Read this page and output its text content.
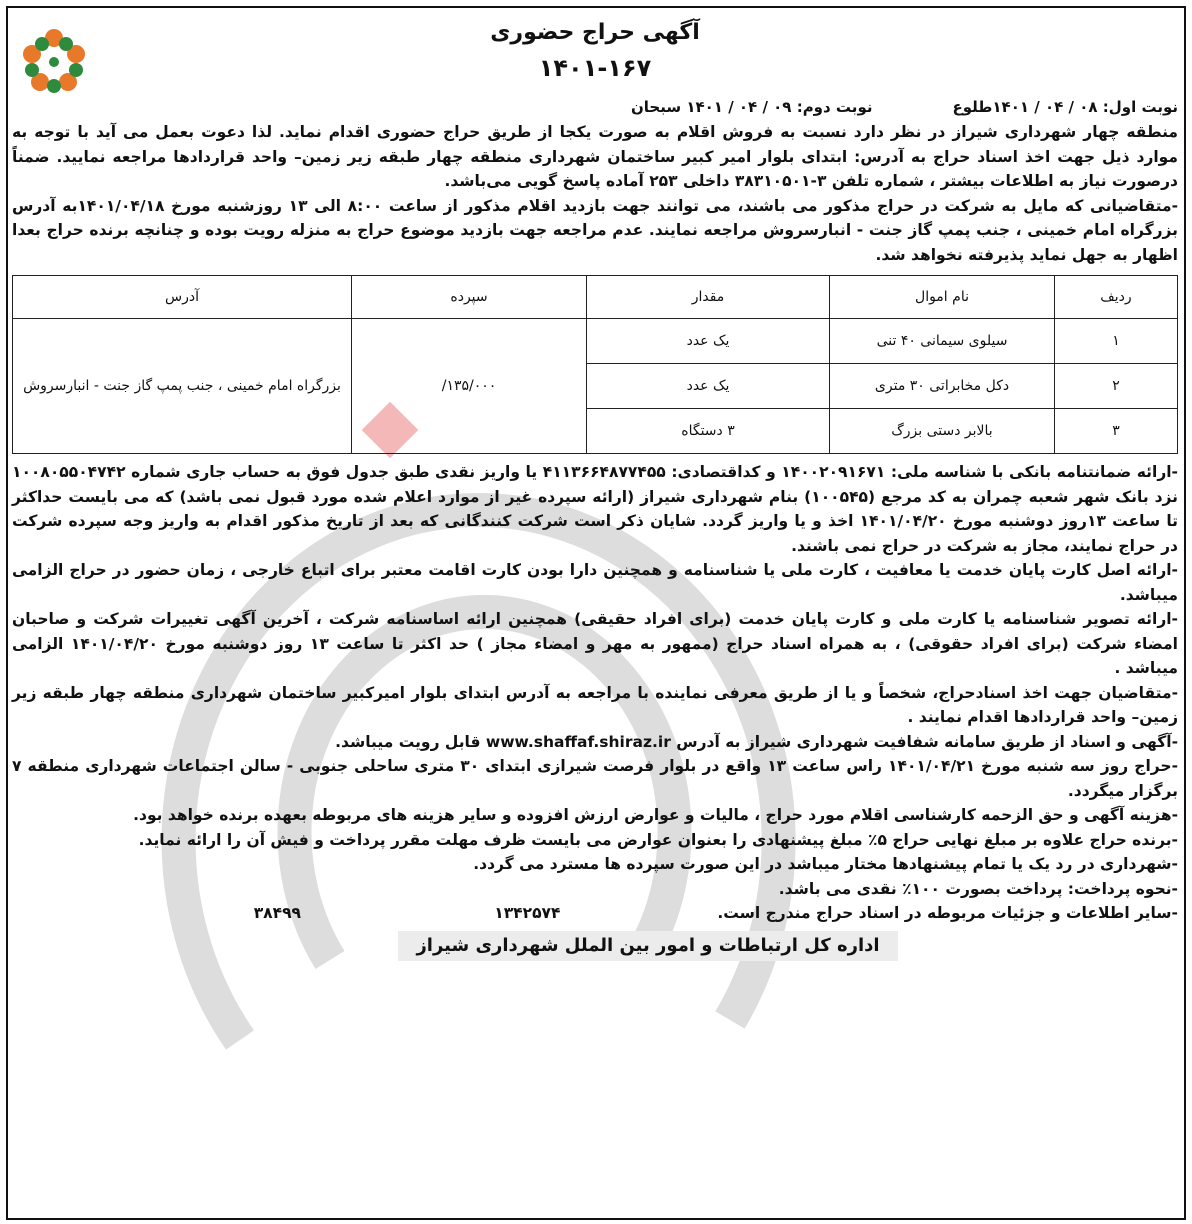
آگهی حراج حضوری
۱۴۰۱-۱۶۷
نوبت اول: ۰۸ / ۰۴ / ۱۴۰۱طلوع
نوبت دوم: ۰۹ / ۰۴ / ۱۴۰۱ سبحان

منطقه چهار شهرداری شیراز در نظر دارد نسبت به فروش اقلام به صورت یکجا از طریق حراج حضوری اقدام نماید. لذا دعوت بعمل می آید با توجه به موارد ذیل جهت اخذ اسناد حراج به آدرس: ابتدای بلوار امیر کبیر ساختمان شهرداری منطقه چهار طبقه زیر زمین– واحد قراردادها مراجعه نمایید. ضمناً درصورت نیاز به اطلاعات بیشتر ، شماره تلفن ۳-۳۸۳۱۰۵۰۱ داخلی ۲۵۳ آماده پاسخ گویی می‌باشد.

-متقاضیانی که مایل به شرکت در حراج مذکور می باشند، می توانند جهت بازدید اقلام مذکور از ساعت ۸:۰۰ الی ۱۳ روزشنبه مورخ ۱۴۰۱/۰۴/۱۸به آدرس بزرگراه امام خمینی ، جنب پمپ گاز جنت - انبارسروش مراجعه نمایند. عدم مراجعه جهت بازدید موضوع حراج به منزله رویت بوده و چنانچه برنده حراج بعدا اظهار به جهل نماید پذیرفته نخواهد شد.

ردیف	نام اموال	مقدار	سپرده	آدرس
۱	سیلوی سیمانی ۴۰ تنی	یک عدد	۱۳۵/۰۰۰/	بزرگراه امام خمینی ، جنب پمپ گاز جنت - انبارسروش
۲	دکل مخابراتی ۳۰ متری	یک عدد		
۳	بالابر دستی بزرگ	۳ دستگاه		

-ارائه ضمانتنامه بانکی با شناسه ملی: ۱۴۰۰۲۰۹۱۶۷۱ و کداقتصادی: ۴۱۱۳۶۶۴۸۷۷۴۵۵ یا واریز نقدی طبق جدول فوق به حساب جاری شماره ۱۰۰۸۰۵۵۰۴۷۴۲ نزد بانک شهر شعبه چمران به کد مرجع (۱۰۰۵۴۵) بنام شهرداری شیراز (ارائه سپرده غیر از موارد اعلام شده مورد قبول نمی باشد) که می بایست حداکثر تا ساعت ۱۳روز دوشنبه مورخ ۱۴۰۱/۰۴/۲۰ اخذ و یا واریز گردد. شایان ذکر است شرکت کنندگانی که بعد از تاریخ مذکور اقدام به واریز وجه سپرده شرکت در حراج نمایند، مجاز به شرکت در حراج نمی باشند.

-ارائه اصل کارت پایان خدمت یا معافیت ، کارت ملی یا شناسنامه و همچنین دارا بودن کارت اقامت معتبر برای اتباع خارجی ، زمان حضور در حراج الزامی میباشد.

-ارائه تصویر شناسنامه یا کارت ملی و کارت پایان خدمت (برای افراد حقیقی) همچنین ارائه اساسنامه شرکت ، آخرین آگهی تغییرات شرکت و صاحبان امضاء شرکت (برای افراد حقوقی) ، به همراه اسناد حراج (ممهور به مهر و امضاء مجاز ) حد اکثر تا ساعت ۱۳ روز دوشنبه مورخ ۱۴۰۱/۰۴/۲۰ الزامی میباشد .

-متقاضیان جهت اخذ اسنادحراج، شخصاً و یا از طریق معرفی نماینده با مراجعه به آدرس ابتدای بلوار امیرکبیر ساختمان شهرداری منطقه چهار طبقه زیر زمین– واحد قراردادها اقدام نمایند .

-آگهی و اسناد از طریق سامانه شفافیت شهرداری شیراز به آدرس www.shaffaf.shiraz.ir قابل رویت میباشد.

-حراج روز سه شنبه مورخ ۱۴۰۱/۰۴/۲۱ راس ساعت ۱۳ واقع در بلوار فرصت شیرازی ابتدای ۳۰ متری ساحلی جنوبی - سالن اجتماعات شهرداری منطقه ۷ برگزار میگردد.

-هزینه آگهی و حق الزحمه کارشناسی اقلام مورد حراج ، مالیات و عوارض ارزش افزوده و سایر هزینه های مربوطه بعهده برنده خواهد بود.

-برنده حراج علاوه بر مبلغ نهایی حراج ۵٪ مبلغ پیشنهادی را بعنوان عوارض می بایست ظرف مهلت مقرر پرداخت و فیش آن را ارائه نماید.

-شهرداری در رد یک یا تمام پیشنهادها مختار میباشد در این صورت سپرده ها مسترد می گردد.

-نحوه پرداخت: پرداخت بصورت ۱۰۰٪ نقدی می باشد.

-سایر اطلاعات و جزئیات مربوطه در اسناد حراج مندرج است.
۱۳۴۲۵۷۴
۳۸۴۹۹
اداره کل ارتباطات و امور بین الملل شهرداری شیراز
